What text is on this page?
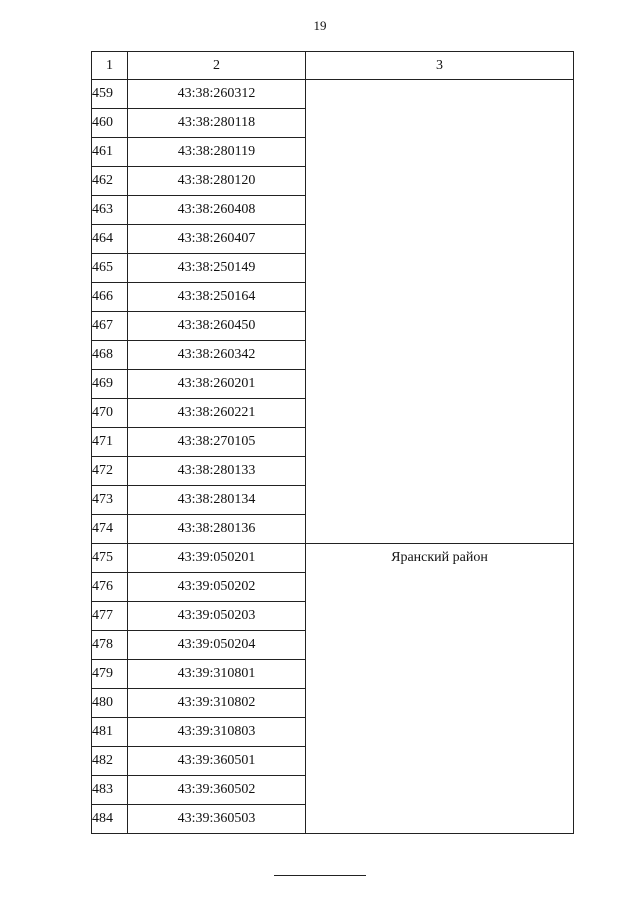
19
1	2	3
459	43:38:260312	
460	43:38:280118	
461	43:38:280119	
462	43:38:280120	
463	43:38:260408	
464	43:38:260407	
465	43:38:250149	
466	43:38:250164	
467	43:38:260450	
468	43:38:260342	
469	43:38:260201	
470	43:38:260221	
471	43:38:270105	
472	43:38:280133	
473	43:38:280134	
474	43:38:280136	
475	43:39:050201	Яранский район
476	43:39:050202	
477	43:39:050203	
478	43:39:050204	
479	43:39:310801	
480	43:39:310802	
481	43:39:310803	
482	43:39:360501	
483	43:39:360502	
484	43:39:360503	
